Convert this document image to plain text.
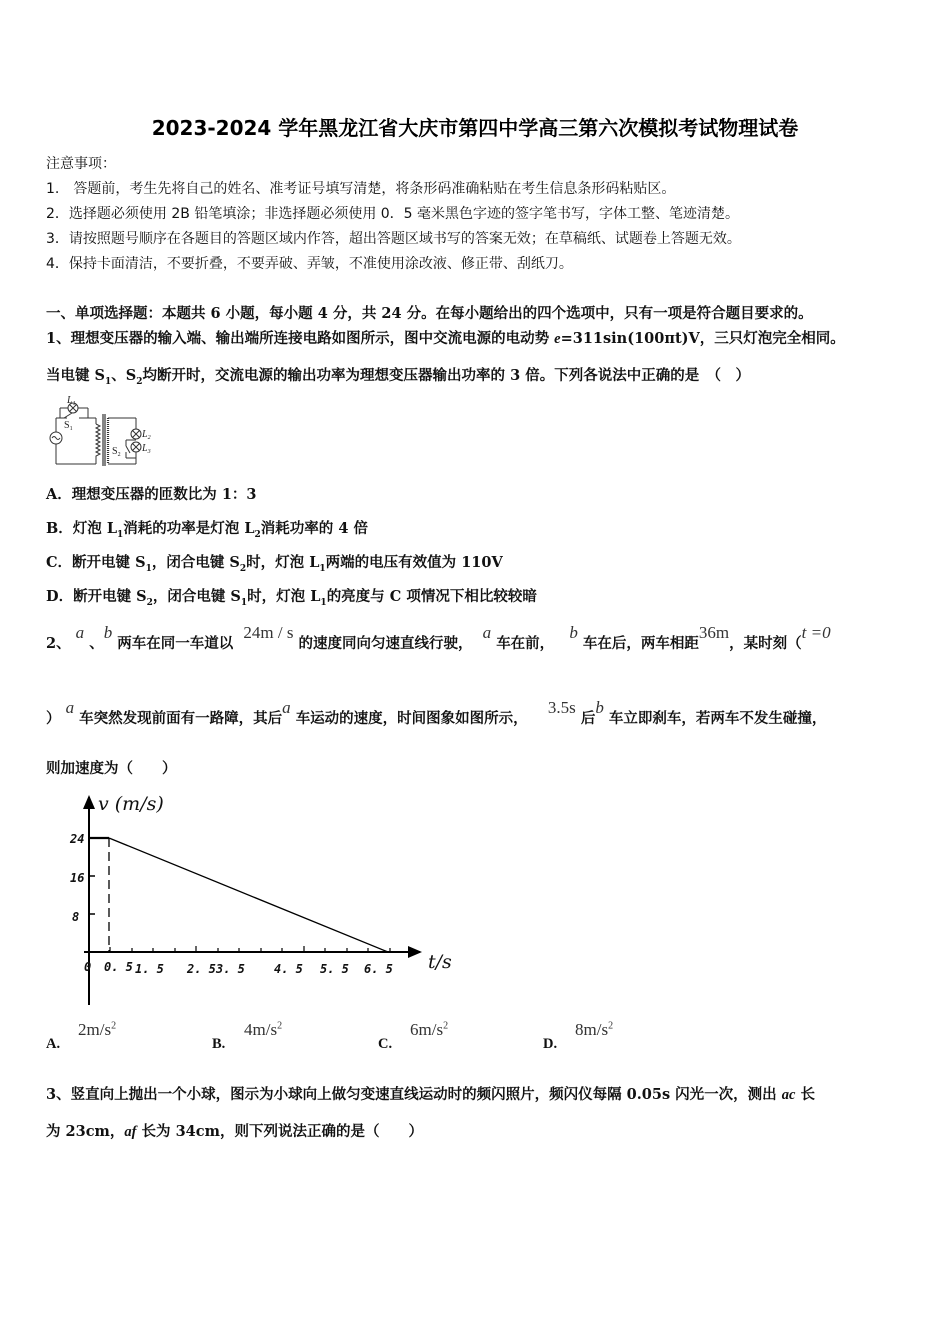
2023-2024 学年黑龙江省大庆市第四中学高三第六次模拟考试物理试卷
注意事项：
1.　答题前，考生先将自己的姓名、准考证号填写清楚，将条形码准确粘贴在考生信息条形码粘贴区。
2．选择题必须使用 2B 铅笔填涂；非选择题必须使用 0．5 毫米黑色字迹的签字笔书写，字体工整、笔迹清楚。
3．请按照题号顺序在各题目的答题区域内作答，超出答题区域书写的答案无效；在草稿纸、试题卷上答题无效。
4．保持卡面清洁，不要折叠，不要弄破、弄皱，不准使用涂改液、修正带、刮纸刀。
一、单项选择题：本题共 6 小题，每小题 4 分，共 24 分。在每小题给出的四个选项中，只有一项是符合题目要求的。
1、理想变压器的输入端、输出端所连接电路如图所示，图中交流电源的电动势 e=311sin(100πt)V，三只灯泡完全相同。
当电键 $S_1$、$S_2$均断开时，交流电源的输出功率为理想变压器输出功率的 3 倍。下列各说法中正确的是　（　）
$L_1$
$S_1$	$L_2$
$L_3$
$S_2$
A．理想变压器的匝数比为 1：3
B．灯泡 $L_1$消耗的功率是灯泡 $L_2$消耗功率的 4 倍
C．断开电键 $S_1$，闭合电键 $S_2$时，灯泡 $L_1$两端的电压有效值为 110V
D．断开电键 $S_2$，闭合电键 $S_1$时，灯泡 $L_1$的亮度与 C 项情况下相比较较暗
2、 a 、b 两车在同一车道以  24m / s 的速度同向匀速直线行驶，  a 车在前，   b 车在后，两车相距36m，某时刻（t =0
） a 车突然发现前面有一路障，其后a 车运动的速度，时间图象如图所示，    3.5s 后b 车立即刹车，若两车不发生碰撞，
则加速度为（　　）
24
16
8
0 0. 5 1. 5 2. 5 3. 5 4. 5 5. 5 6. 5
v (m/s)
t/s
A.
$2m/s^2$
B.
$4m/s^2$
C.
$6m/s^2$
D.
$8m/s^2$
3、竖直向上抛出一个小球，图示为小球向上做匀变速直线运动时的频闪照片，频闪仪每隔 0.05s 闪光一次，测出 ac 长
为 23cm，af 长为 34cm，则下列说法正确的是（　　）
